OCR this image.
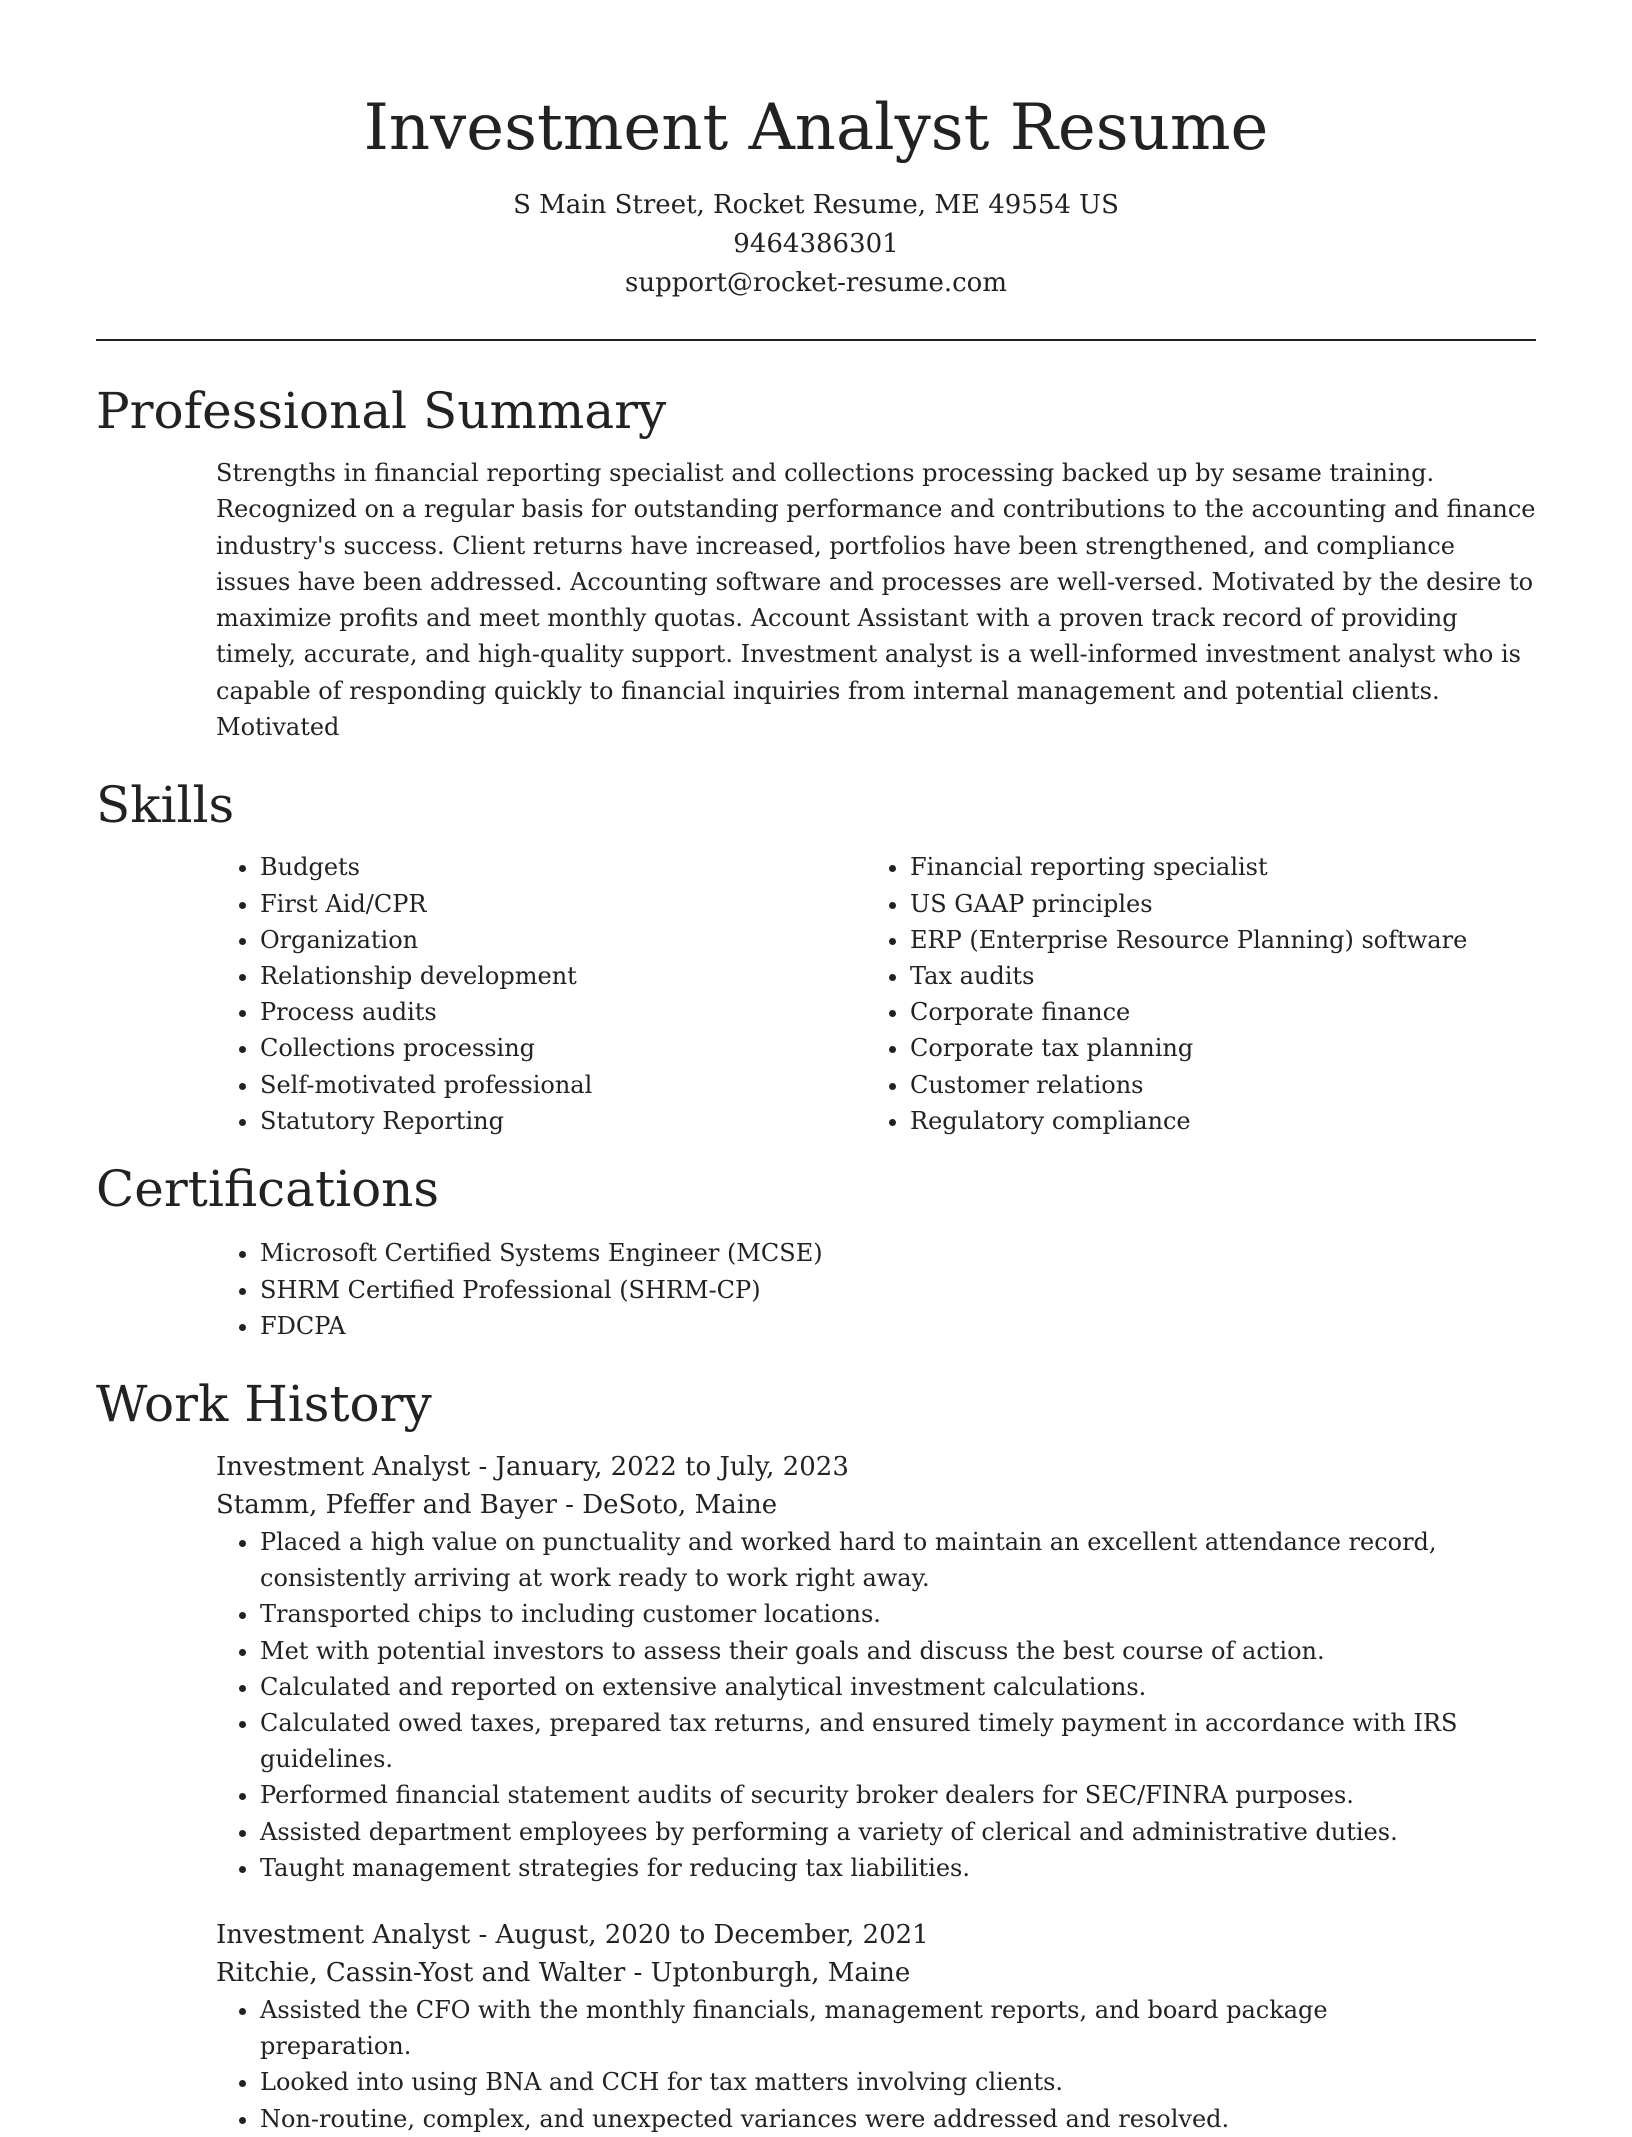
Investment Analyst Resume
S Main Street, Rocket Resume, ME 49554 US
9464386301
support@rocket-resume.com
Professional Summary

Strengths in financial reporting specialist and collections processing backed up by sesame training. Recognized on a regular basis for outstanding performance and contributions to the accounting and finance industry's success. Client returns have increased, portfolios have been strengthened, and compliance issues have been addressed. Accounting software and processes are well-versed. Motivated by the desire to maximize profits and meet monthly quotas. Account Assistant with a proven track record of providing timely, accurate, and high-quality support. Investment analyst is a well-informed investment analyst who is capable of responding quickly to financial inquiries from internal management and potential clients. Motivated

Skills
• Budgets
• First Aid/CPR
• Organization
• Relationship development
• Process audits
• Collections processing
• Self-motivated professional
• Statutory Reporting
• Financial reporting specialist
• US GAAP principles
• ERP (Enterprise Resource Planning) software
• Tax audits
• Corporate finance
• Corporate tax planning
• Customer relations
• Regulatory compliance
Certifications
• Microsoft Certified Systems Engineer (MCSE)
• SHRM Certified Professional (SHRM-CP)
• FDCPA
Work History
Investment Analyst - January, 2022 to July, 2023
Stamm, Pfeffer and Bayer - DeSoto, Maine
• Placed a high value on punctuality and worked hard to maintain an excellent attendance record, consistently arriving at work ready to work right away.
• Transported chips to including customer locations.
• Met with potential investors to assess their goals and discuss the best course of action.
• Calculated and reported on extensive analytical investment calculations.
• Calculated owed taxes, prepared tax returns, and ensured timely payment in accordance with IRS guidelines.
• Performed financial statement audits of security broker dealers for SEC/FINRA purposes.
• Assisted department employees by performing a variety of clerical and administrative duties.
• Taught management strategies for reducing tax liabilities.
Investment Analyst - August, 2020 to December, 2021
Ritchie, Cassin-Yost and Walter - Uptonburgh, Maine
• Assisted the CFO with the monthly financials, management reports, and board package preparation.
• Looked into using BNA and CCH for tax matters involving clients.
• Non-routine, complex, and unexpected variances were addressed and resolved.
